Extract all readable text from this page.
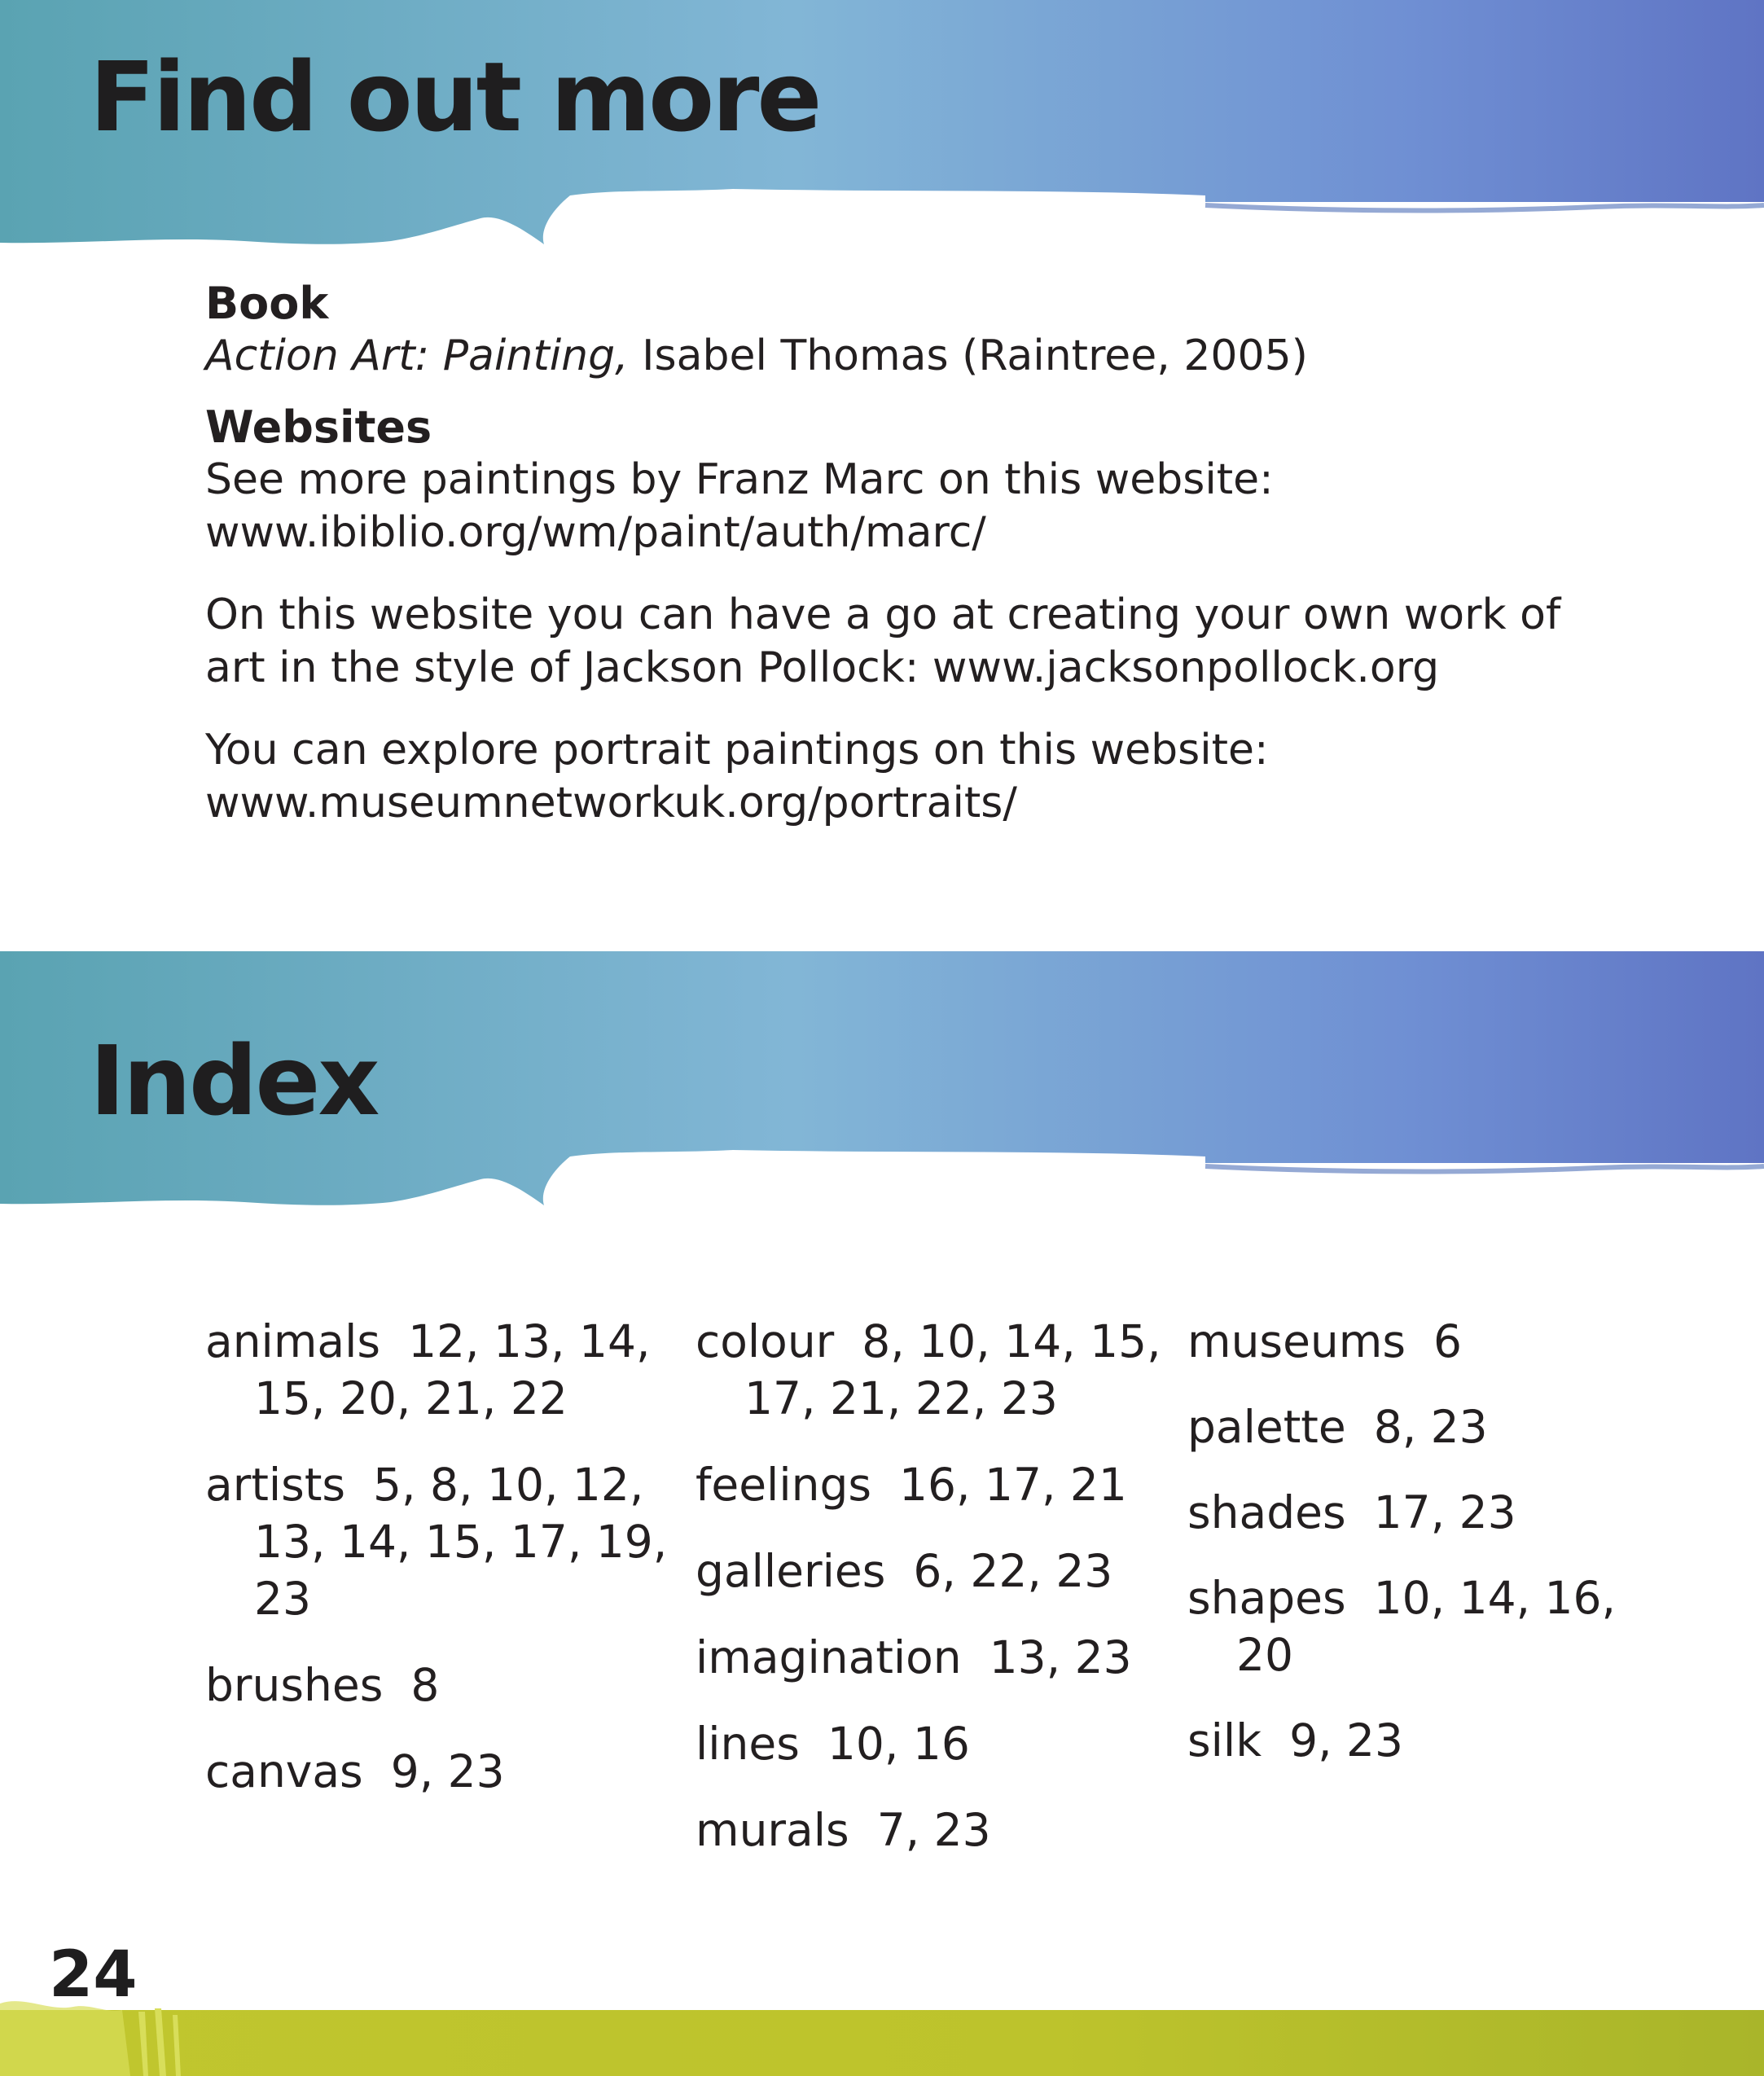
Find out more
Book

Action Art: Painting, Isabel Thomas (Raintree, 2005)

Websites

See more paintings by Franz Marc on this website:
www.ibiblio.org/wm/paint/auth/marc/

On this website you can have a go at creating your own work of art in the style of Jackson Pollock: www.jacksonpollock.org

You can explore portrait paintings on this website:
www.museumnetworkuk.org/portraits/

Index

animals 12, 13, 14, 15, 20, 21, 22

artists 5, 8, 10, 12, 13, 14, 15, 17, 19, 23

brushes 8

canvas 9, 23

colour 8, 10, 14, 15, 17, 21, 22, 23

feelings 16, 17, 21

galleries 6, 22, 23

imagination 13, 23

lines 10, 16

murals 7, 23

museums 6

palette 8, 23

shades 17, 23

shapes 10, 14, 16, 20

silk 9, 23

24
